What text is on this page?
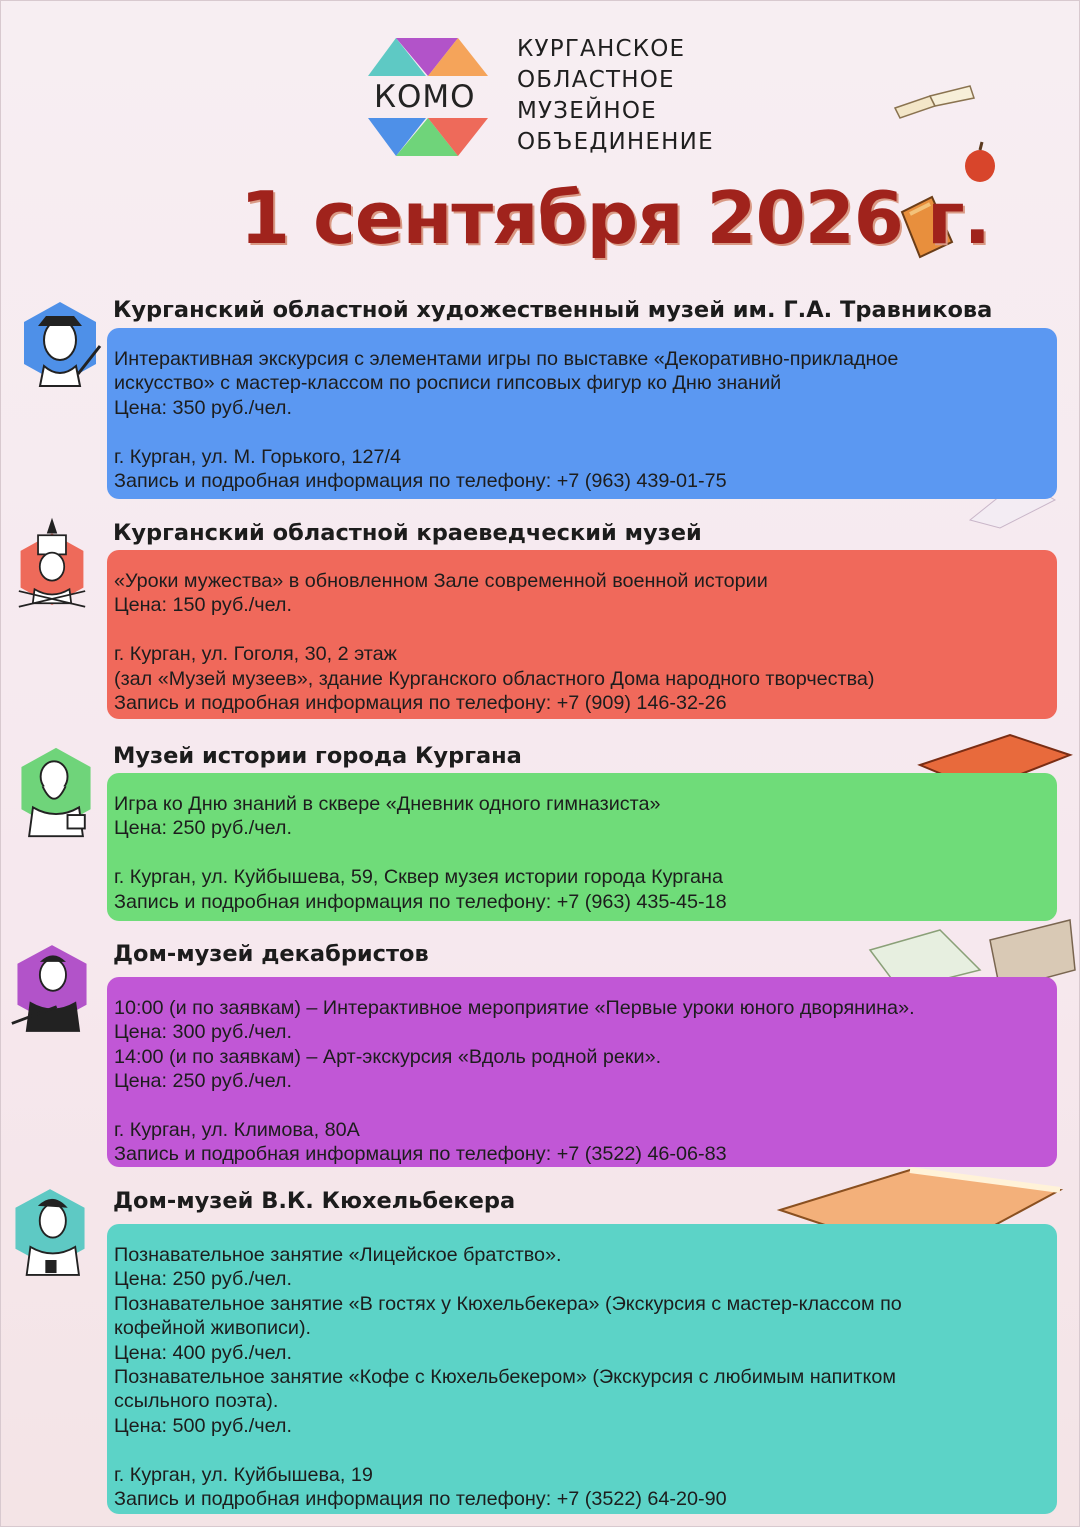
КОМО
КУРГАНСКОЕ
ОБЛАСТНОЕ
МУЗЕЙНОЕ
ОБЪЕДИНЕНИЕ
1 сентября 2026 г.
Курганский областной художественный музей им. Г.А. Травникова
Интерактивная экскурсия с элементами игры по выставке «Декоративно-прикладное
искусство» с мастер-классом по росписи гипсовых фигур ко Дню знаний
Цена: 350 руб./чел.
г. Курган, ул. М. Горького, 127/4
Запись и подробная информация по телефону: +7 (963) 439-01-75
Курганский областной краеведческий музей
«Уроки мужества» в обновленном Зале современной военной истории
Цена: 150 руб./чел.
г. Курган, ул. Гоголя, 30, 2 этаж
(зал «Музей музеев», здание Курганского областного Дома народного творчества)
Запись и подробная информация по телефону: +7 (909) 146-32-26
Музей истории города Кургана
Игра ко Дню знаний в сквере «Дневник одного гимназиста»
Цена: 250 руб./чел.
г. Курган, ул. Куйбышева, 59, Сквер музея истории города Кургана
Запись и подробная информация по телефону: +7 (963) 435-45-18
Дом-музей декабристов
10:00 (и по заявкам) – Интерактивное мероприятие «Первые уроки юного дворянина».
Цена: 300 руб./чел.
14:00 (и по заявкам) – Арт-экскурсия «Вдоль родной реки».
Цена: 250 руб./чел.
г. Курган, ул. Климова, 80А
Запись и подробная информация по телефону: +7 (3522) 46-06-83
Дом-музей В.К. Кюхельбекера
Познавательное занятие «Лицейское братство».
Цена: 250 руб./чел.
Познавательное занятие «В гостях у Кюхельбекера» (Экскурсия с мастер-классом по
кофейной живописи).
Цена: 400 руб./чел.
Познавательное занятие «Кофе с Кюхельбекером» (Экскурсия с любимым напитком
ссыльного поэта).
Цена: 500 руб./чел.
г. Курган, ул. Куйбышева, 19
Запись и подробная информация по телефону: +7 (3522) 64-20-90
